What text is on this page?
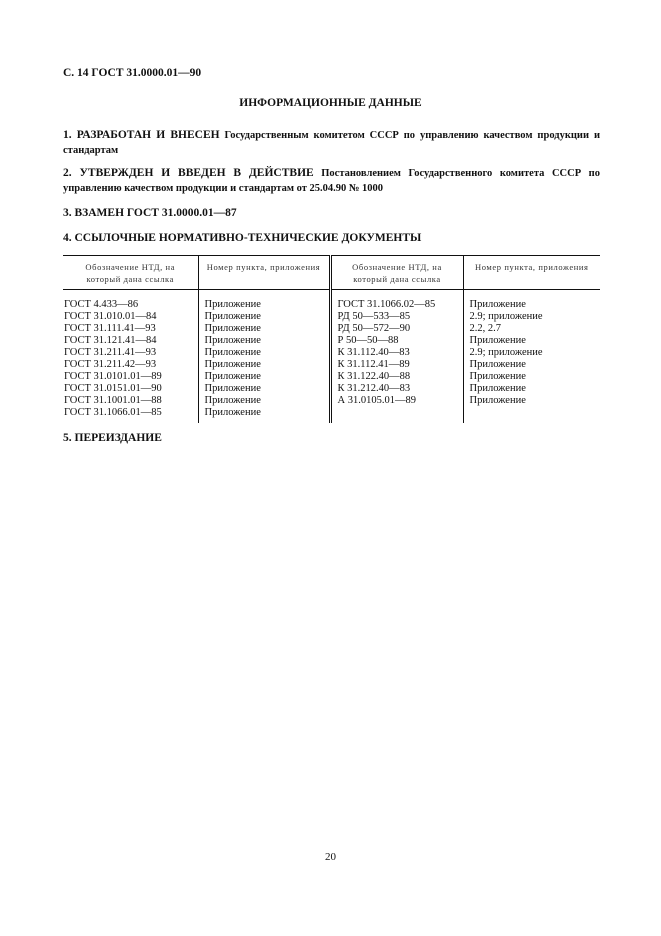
С. 14 ГОСТ 31.0000.01—90
ИНФОРМАЦИОННЫЕ ДАННЫЕ
1. РАЗРАБОТАН И ВНЕСЕН Государственным комитетом СССР по управлению качеством продукции и стандартам
2. УТВЕРЖДЕН И ВВЕДЕН В ДЕЙСТВИЕ Постановлением Государственного комитета СССР по управлению качеством продукции и стандартам от 25.04.90 № 1000
3. ВЗАМЕН ГОСТ 31.0000.01—87
4. ССЫЛОЧНЫЕ НОРМАТИВНО-ТЕХНИЧЕСКИЕ ДОКУМЕНТЫ
Обозначение НТД, на который дана ссылка	Номер пункта, приложения	Обозначение НТД, на который дана ссылка	Номер пункта, приложения
ГОСТ 4.433—86	Приложение	ГОСТ 31.1066.02—85	Приложение
ГОСТ 31.010.01—84	Приложение	РД 50—533—85	2.9; приложение
ГОСТ 31.111.41—93	Приложение	РД 50—572—90	2.2, 2.7
ГОСТ 31.121.41—84	Приложение	Р 50—50—88	Приложение
ГОСТ 31.211.41—93	Приложение	К 31.112.40—83	2.9; приложение
ГОСТ 31.211.42—93	Приложение	К 31.112.41—89	Приложение
ГОСТ 31.0101.01—89	Приложение	К 31.122.40—88	Приложение
ГОСТ 31.0151.01—90	Приложение	К 31.212.40—83	Приложение
ГОСТ 31.1001.01—88	Приложение	А 31.0105.01—89	Приложение
ГОСТ 31.1066.01—85	Приложение		
5. ПЕРЕИЗДАНИЕ
20
